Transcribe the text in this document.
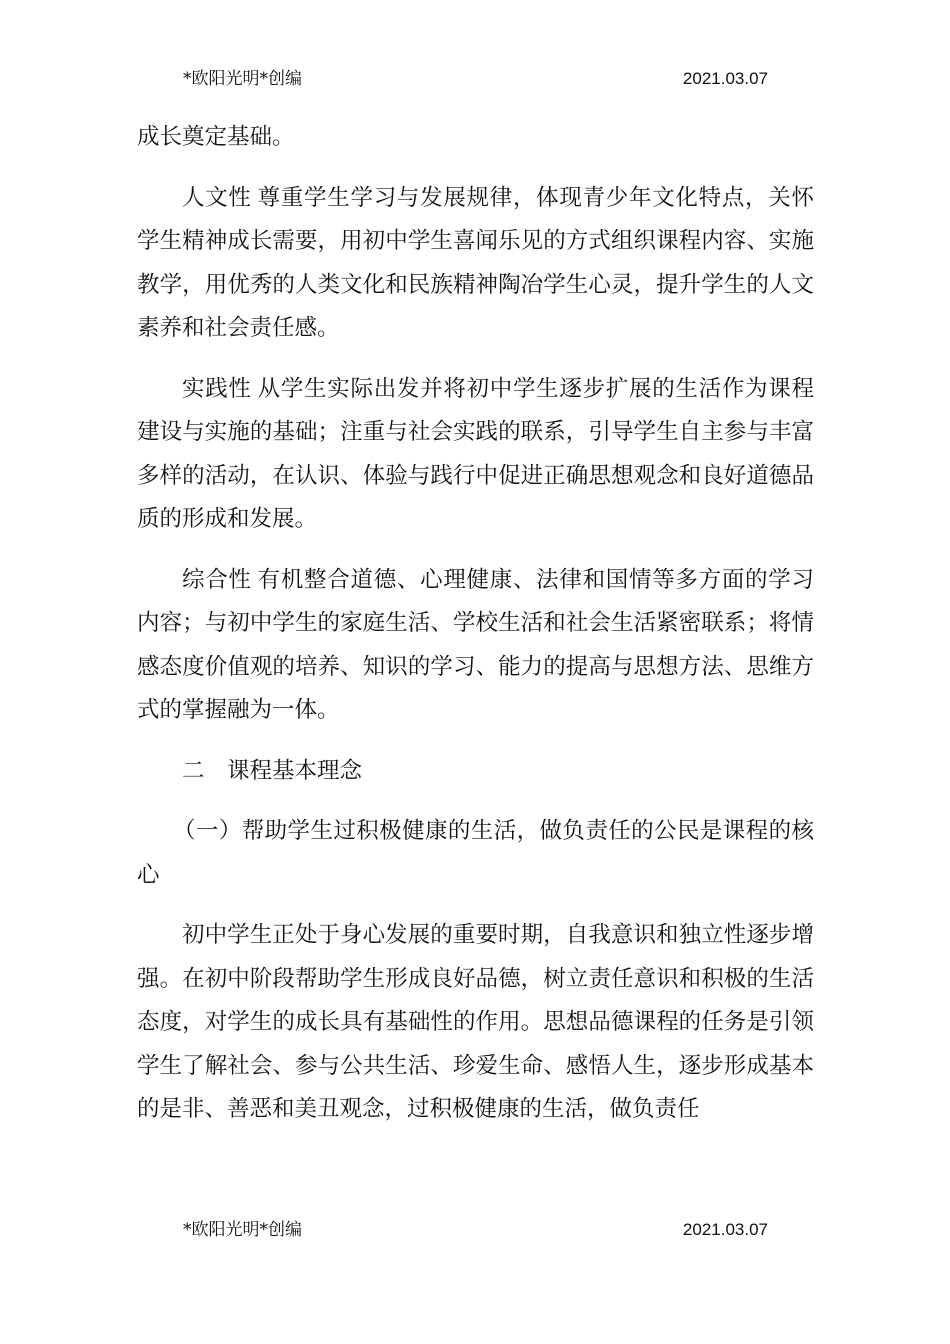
*欧阳光明*创编	2021.03.07

成长奠定基础。

人文性 尊重学生学习与发展规律，体现青少年文化特点，关怀学生精神成长需要，用初中学生喜闻乐见的方式组织课程内容、实施教学，用优秀的人类文化和民族精神陶冶学生心灵，提升学生的人文素养和社会责任感。

实践性 从学生实际出发并将初中学生逐步扩展的生活作为课程建设与实施的基础；注重与社会实践的联系，引导学生自主参与丰富多样的活动，在认识、体验与践行中促进正确思想观念和良好道德品质的形成和发展。

综合性 有机整合道德、心理健康、法律和国情等多方面的学习内容；与初中学生的家庭生活、学校生活和社会生活紧密联系；将情感态度价值观的培养、知识的学习、能力的提高与思想方法、思维方式的掌握融为一体。

二　课程基本理念

（一）帮助学生过积极健康的生活，做负责任的公民是课程的核心

初中学生正处于身心发展的重要时期，自我意识和独立性逐步增强。在初中阶段帮助学生形成良好品德，树立责任意识和积极的生活态度，对学生的成长具有基础性的作用。思想品德课程的任务是引领学生了解社会、参与公共生活、珍爱生命、感悟人生，逐步形成基本的是非、善恶和美丑观念，过积极健康的生活，做负责任

*欧阳光明*创编	2021.03.07
